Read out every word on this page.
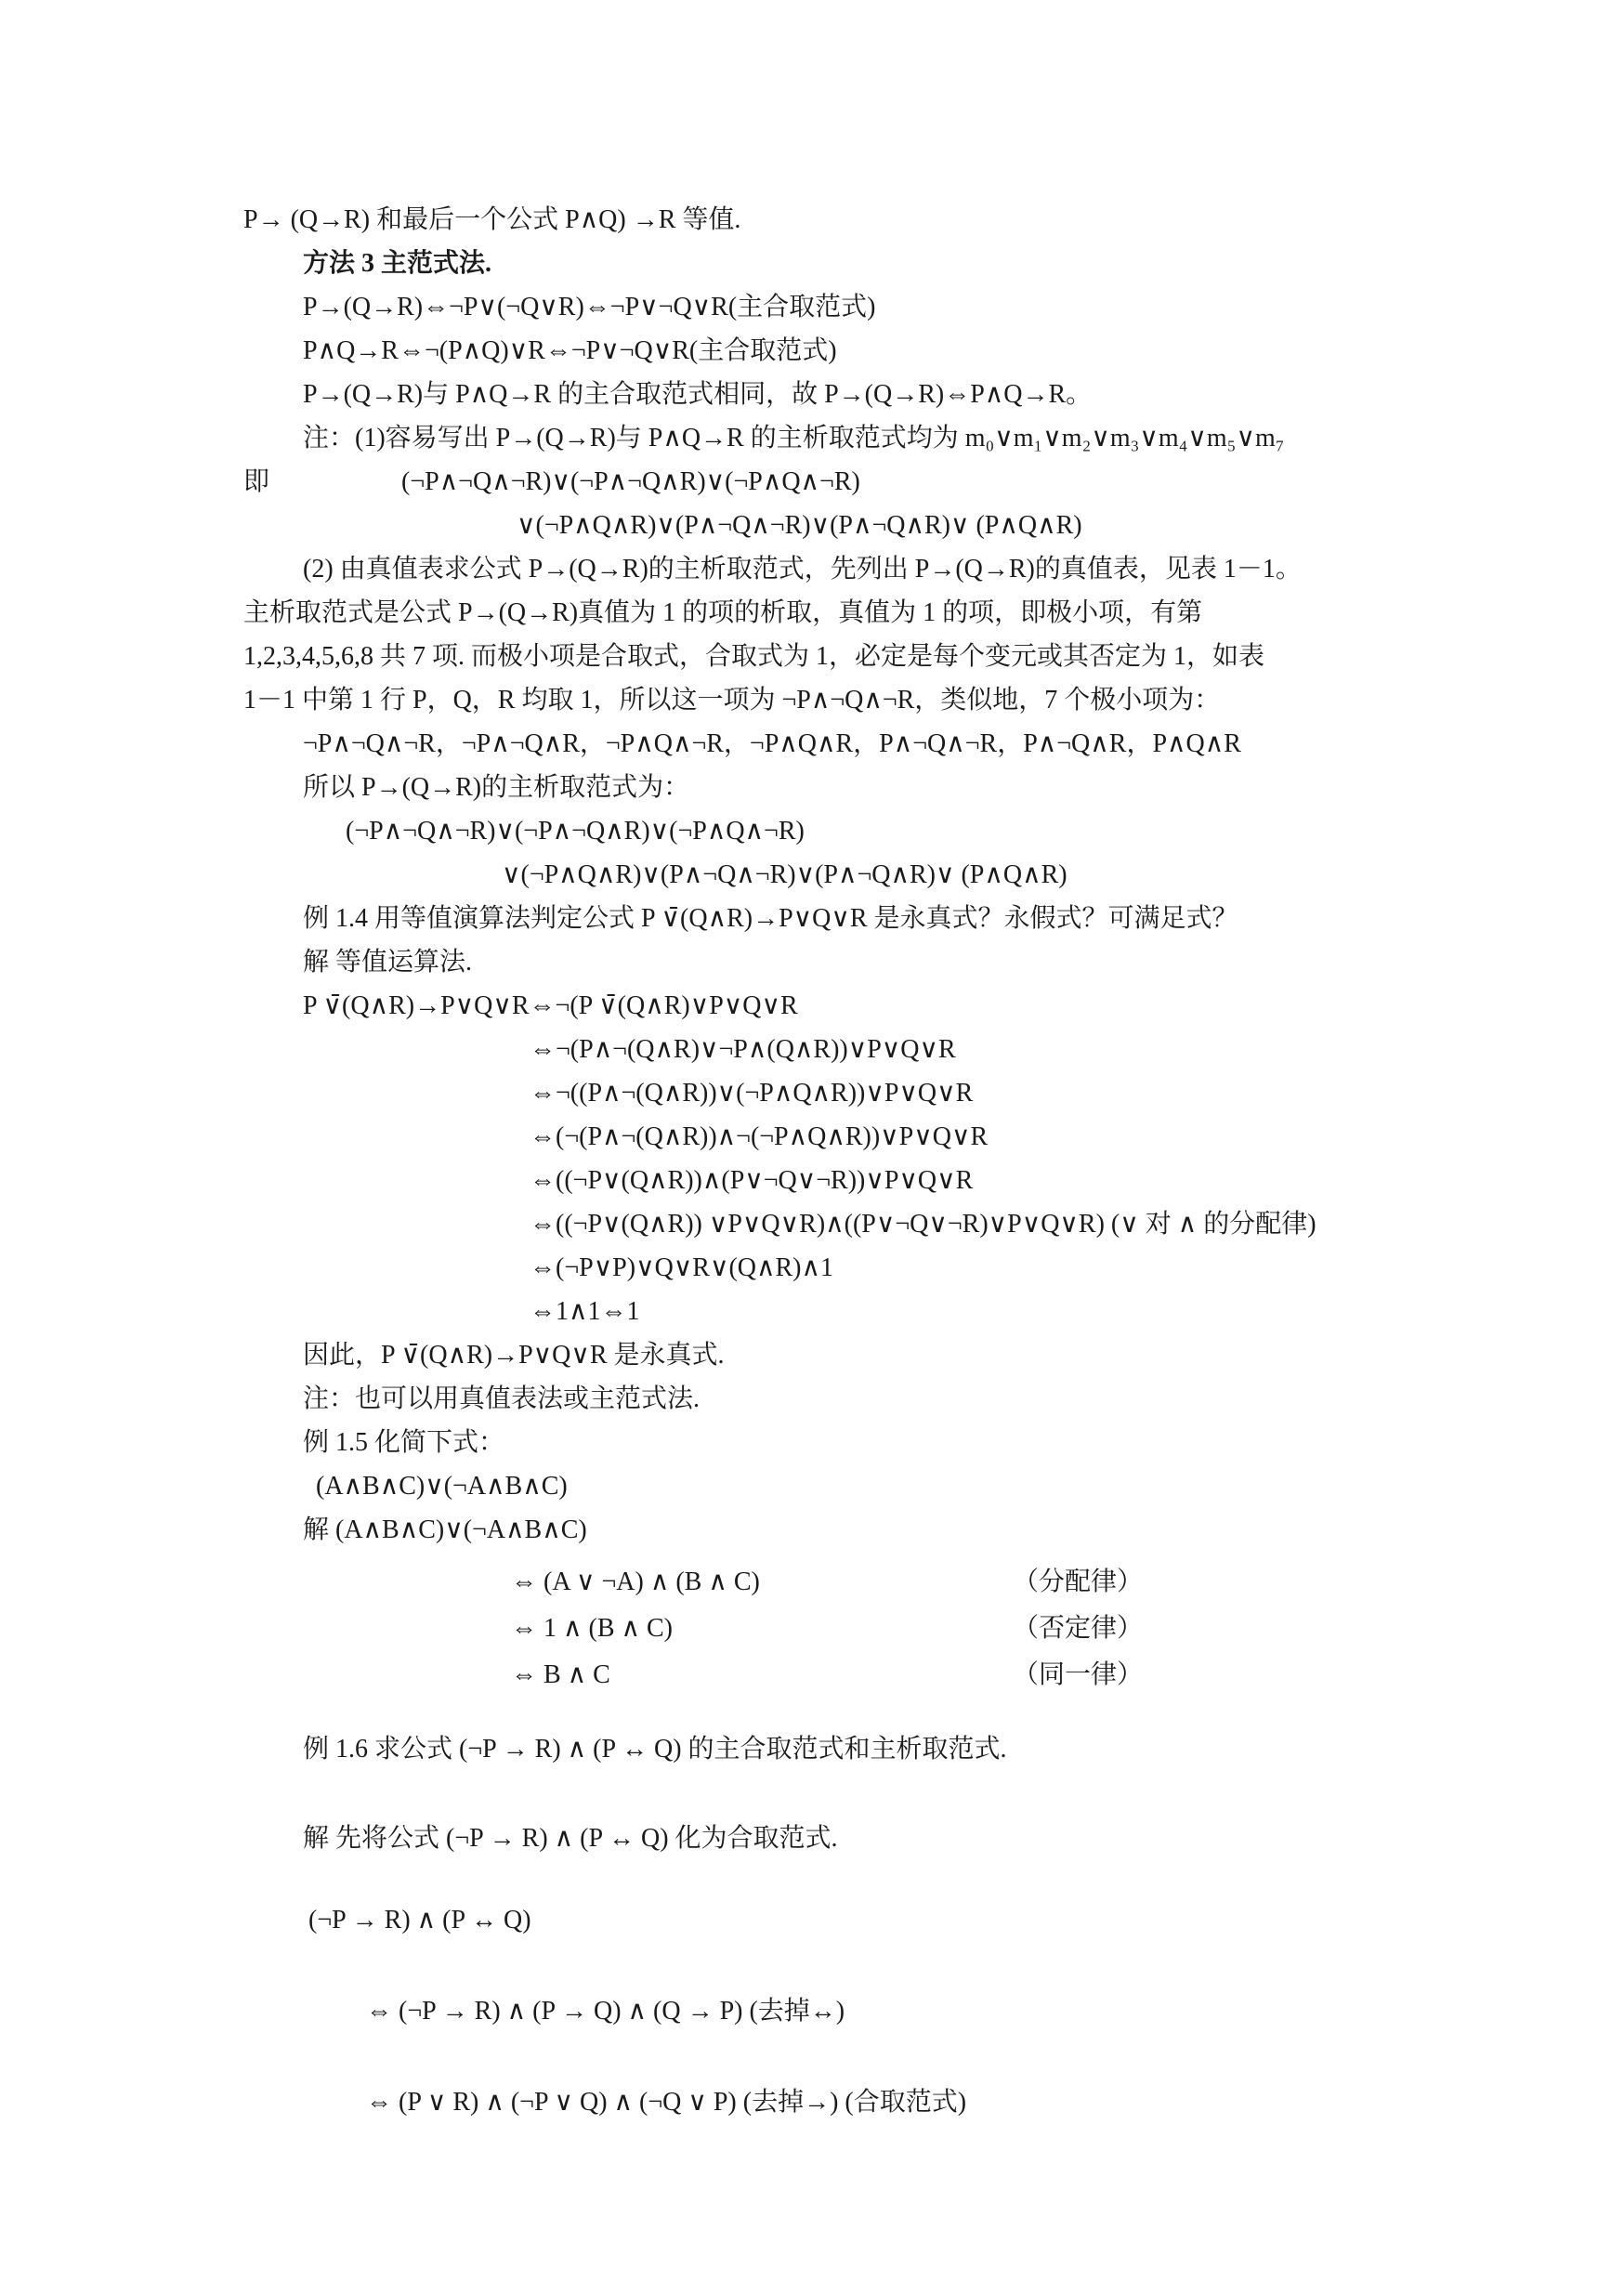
P→ (Q→R) 和最后一个公式 P∧Q) →R 等值.
方法 3 主范式法.
P→(Q→R)⇔¬P∨(¬Q∨R)⇔¬P∨¬Q∨R(主合取范式)
P∧Q→R⇔¬(P∧Q)∨R⇔¬P∨¬Q∨R(主合取范式)
P→(Q→R)与 P∧Q→R 的主合取范式相同，故 P→(Q→R)⇔P∧Q→R。
注：(1)容易写出 P→(Q→R)与 P∧Q→R 的主析取范式均为 m₀∨m₁∨m₂∨m₃∨m₄∨m₅∨m₇
即	(¬P∧¬Q∧¬R)∨(¬P∧¬Q∧R)∨(¬P∧Q∧¬R)
∨(¬P∧Q∧R)∨(P∧¬Q∧¬R)∨(P∧¬Q∧R)∨ (P∧Q∧R)
(2) 由真值表求公式 P→(Q→R)的主析取范式，先列出 P→(Q→R)的真值表，见表 1－1。
主析取范式是公式 P→(Q→R)真值为 1 的项的析取，真值为 1 的项，即极小项，有第
1,2,3,4,5,6,8 共 7 项. 而极小项是合取式，合取式为 1，必定是每个变元或其否定为 1，如表
1－1 中第 1 行 P，Q，R 均取 1，所以这一项为 ¬P∧¬Q∧¬R，类似地，7 个极小项为：
¬P∧¬Q∧¬R，¬P∧¬Q∧R，¬P∧Q∧¬R，¬P∧Q∧R，P∧¬Q∧¬R，P∧¬Q∧R，P∧Q∧R
所以 P→(Q→R)的主析取范式为：
(¬P∧¬Q∧¬R)∨(¬P∧¬Q∧R)∨(¬P∧Q∧¬R)
∨(¬P∧Q∧R)∨(P∧¬Q∧¬R)∨(P∧¬Q∧R)∨ (P∧Q∧R)
例 1.4 用等值演算法判定公式 P ∨̄(Q∧R)→P∨Q∨R 是永真式？永假式？可满足式？
解 等值运算法.
P ∨̄(Q∧R)→P∨Q∨R⇔¬(P ∨̄(Q∧R)∨P∨Q∨R
⇔¬(P∧¬(Q∧R)∨¬P∧(Q∧R))∨P∨Q∨R
⇔¬((P∧¬(Q∧R))∨(¬P∧Q∧R))∨P∨Q∨R
⇔(¬(P∧¬(Q∧R))∧¬(¬P∧Q∧R))∨P∨Q∨R
⇔((¬P∨(Q∧R))∧(P∨¬Q∨¬R))∨P∨Q∨R
⇔((¬P∨(Q∧R)) ∨P∨Q∨R)∧((P∨¬Q∨¬R)∨P∨Q∨R) (∨ 对 ∧ 的分配律)
⇔(¬P∨P)∨Q∨R∨(Q∧R)∧1
⇔1∧1⇔1
因此，P ∨̄(Q∧R)→P∨Q∨R 是永真式.
注：也可以用真值表法或主范式法.
例 1.5 化简下式：
(A∧B∧C)∨(¬A∧B∧C)
解 (A∧B∧C)∨(¬A∧B∧C)
⇔ (A ∨ ¬A) ∧ (B ∧ C)	（分配律）
⇔ 1 ∧ (B ∧ C)	（否定律）
⇔ B ∧ C	（同一律）
例 1.6 求公式 (¬P → R) ∧ (P ↔ Q) 的主合取范式和主析取范式.
解 先将公式 (¬P → R) ∧ (P ↔ Q) 化为合取范式.
(¬P → R) ∧ (P ↔ Q)
⇔ (¬P → R) ∧ (P → Q) ∧ (Q → P) (去掉↔)
⇔ (P ∨ R) ∧ (¬P ∨ Q) ∧ (¬Q ∨ P) (去掉→) (合取范式)
